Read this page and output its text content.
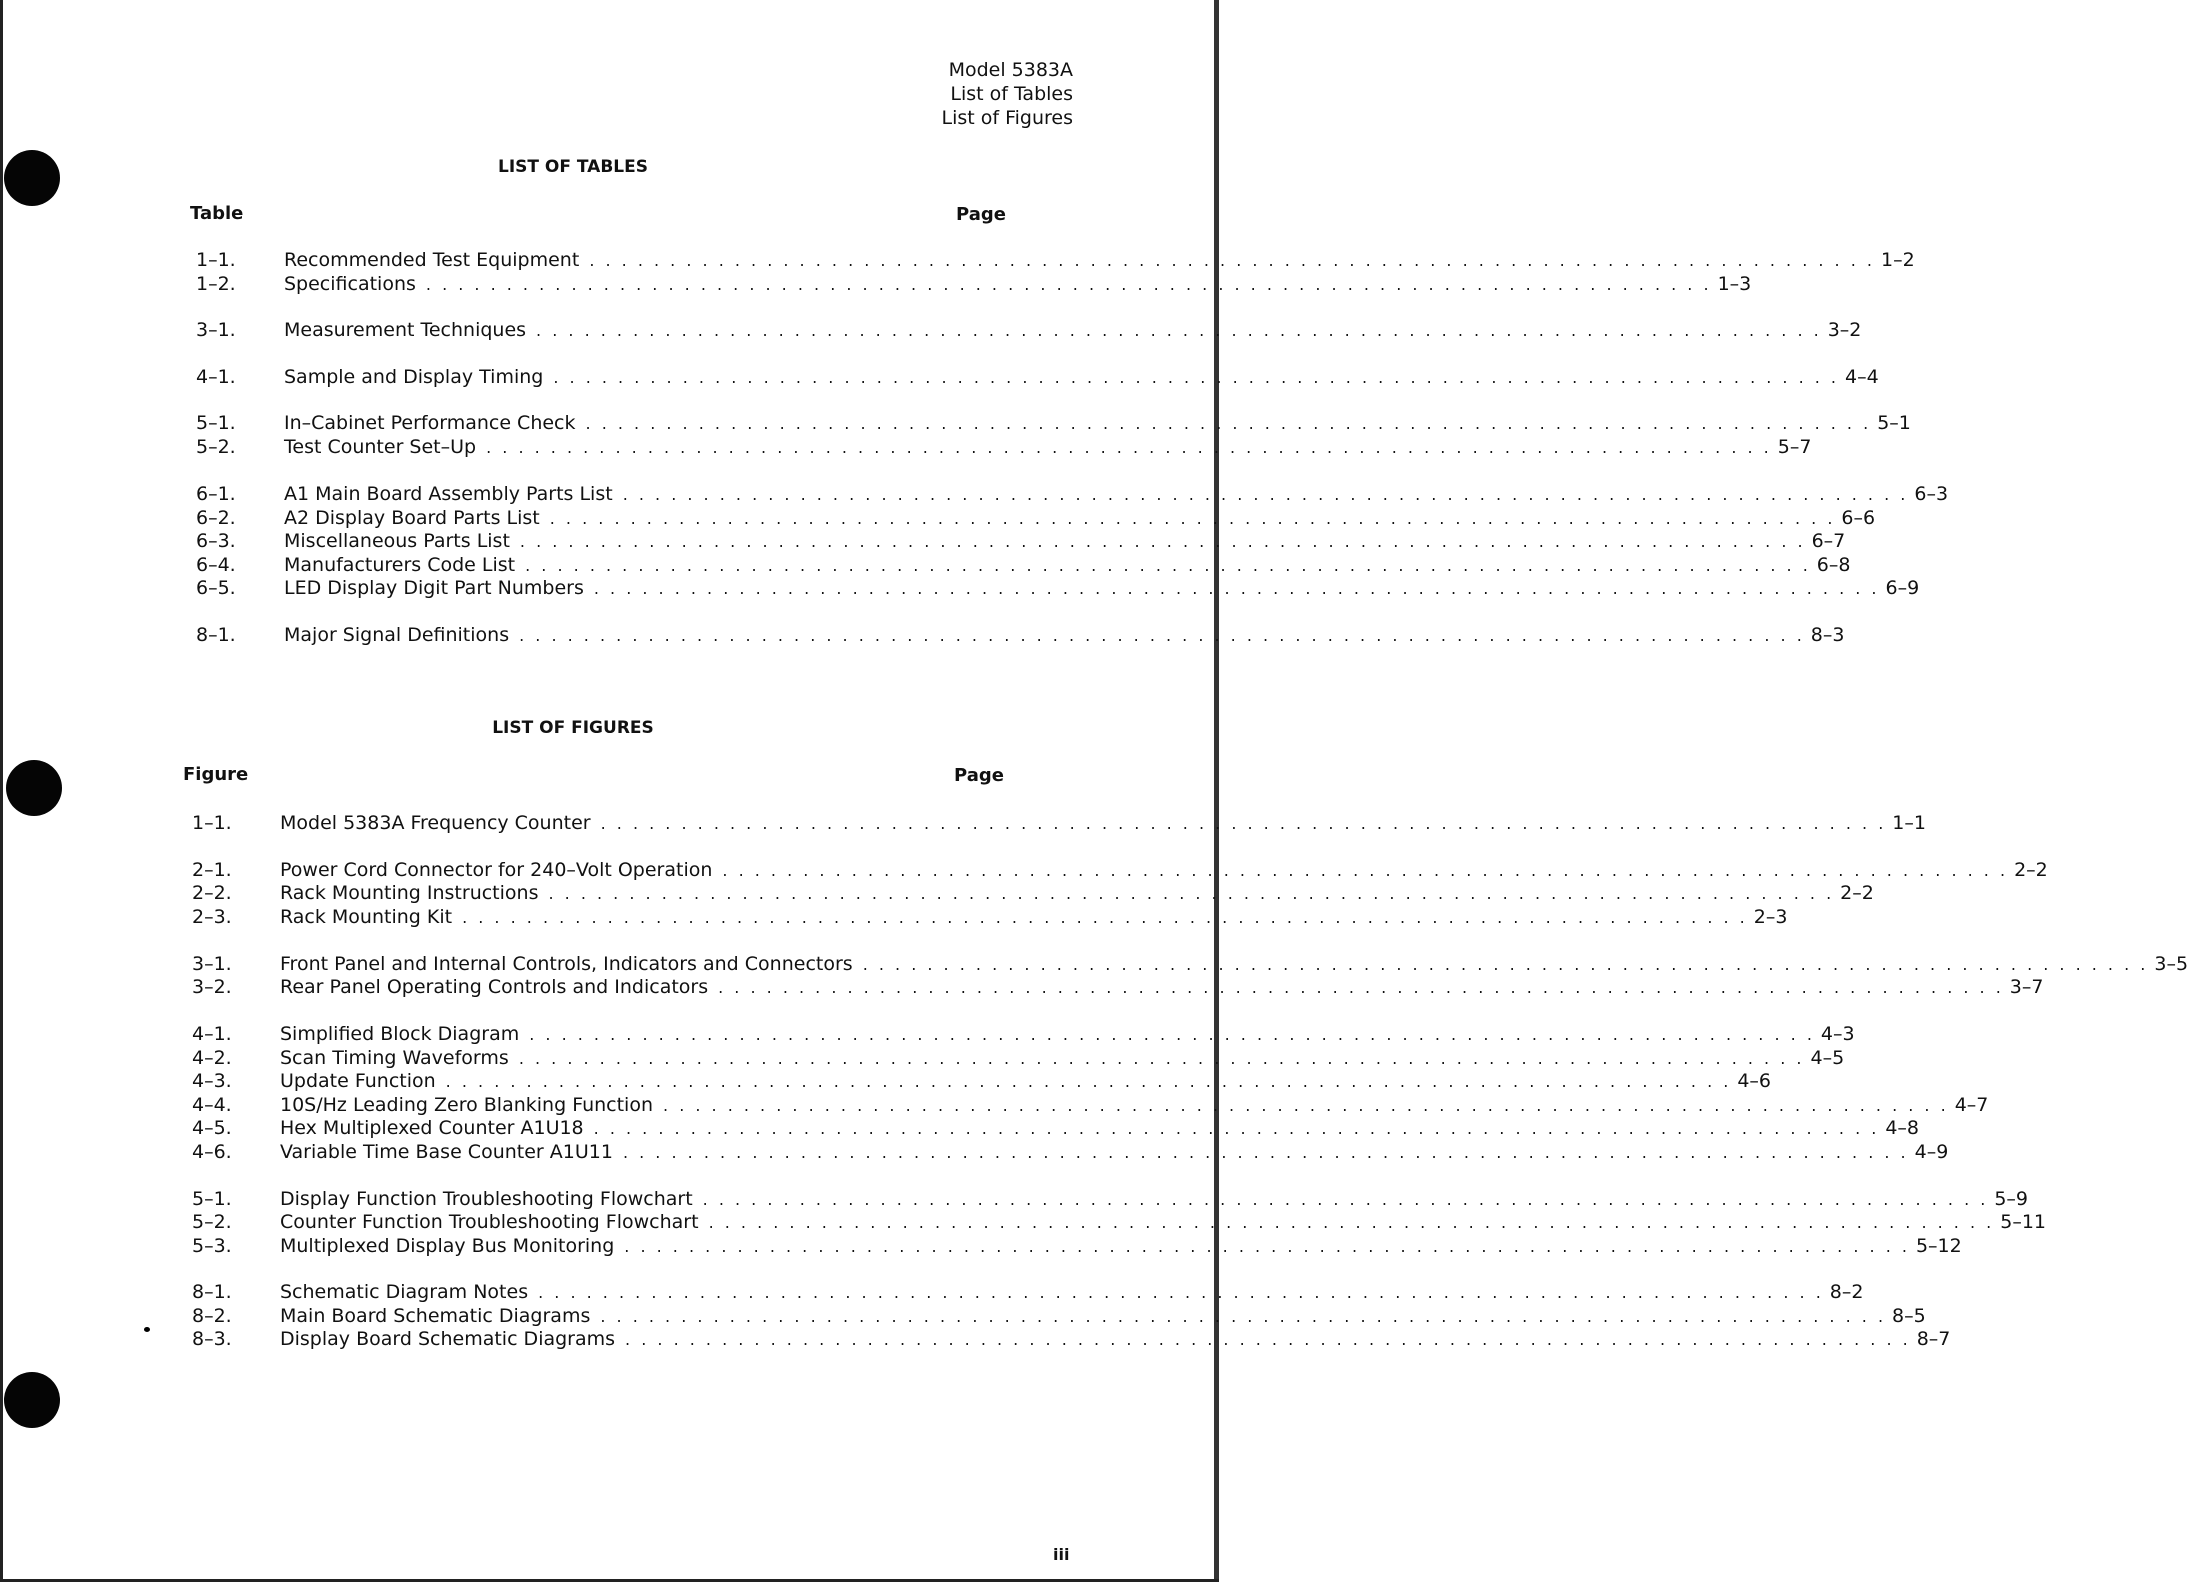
Model 5383A
List of Tables
List of Figures
LIST OF TABLES
Table	Page
1–1.	Recommended Test Equipment . . . . . . . . . . . . . . . . . . . . . . . . . . . . . . . . . . . . . . . . . . . . . . . . . . . . . . . . . . . . . . . . . . . . . . . . . . . . . . . . 1–2
1–2.	Specifications . . . . . . . . . . . . . . . . . . . . . . . . . . . . . . . . . . . . . . . . . . . . . . . . . . . . . . . . . . . . . . . . . . . . . . . . . . . . . . . . 1–3
3–1.	Measurement Techniques . . . . . . . . . . . . . . . . . . . . . . . . . . . . . . . . . . . . . . . . . . . . . . . . . . . . . . . . . . . . . . . . . . . . . . . . . . . . . . . . 3–2
4–1.	Sample and Display Timing . . . . . . . . . . . . . . . . . . . . . . . . . . . . . . . . . . . . . . . . . . . . . . . . . . . . . . . . . . . . . . . . . . . . . . . . . . . . . . . . 4–4
5–1.	In–Cabinet Performance Check . . . . . . . . . . . . . . . . . . . . . . . . . . . . . . . . . . . . . . . . . . . . . . . . . . . . . . . . . . . . . . . . . . . . . . . . . . . . . . . . 5–1
5–2.	Test Counter Set–Up . . . . . . . . . . . . . . . . . . . . . . . . . . . . . . . . . . . . . . . . . . . . . . . . . . . . . . . . . . . . . . . . . . . . . . . . . . . . . . . . 5–7
6–1.	A1 Main Board Assembly Parts List . . . . . . . . . . . . . . . . . . . . . . . . . . . . . . . . . . . . . . . . . . . . . . . . . . . . . . . . . . . . . . . . . . . . . . . . . . . . . . . . 6–3
6–2.	A2 Display Board Parts List . . . . . . . . . . . . . . . . . . . . . . . . . . . . . . . . . . . . . . . . . . . . . . . . . . . . . . . . . . . . . . . . . . . . . . . . . . . . . . . . 6–6
6–3.	Miscellaneous Parts List . . . . . . . . . . . . . . . . . . . . . . . . . . . . . . . . . . . . . . . . . . . . . . . . . . . . . . . . . . . . . . . . . . . . . . . . . . . . . . . . 6–7
6–4.	Manufacturers Code List . . . . . . . . . . . . . . . . . . . . . . . . . . . . . . . . . . . . . . . . . . . . . . . . . . . . . . . . . . . . . . . . . . . . . . . . . . . . . . . . 6–8
6–5.	LED Display Digit Part Numbers . . . . . . . . . . . . . . . . . . . . . . . . . . . . . . . . . . . . . . . . . . . . . . . . . . . . . . . . . . . . . . . . . . . . . . . . . . . . . . . . 6–9
8–1.	Major Signal Definitions . . . . . . . . . . . . . . . . . . . . . . . . . . . . . . . . . . . . . . . . . . . . . . . . . . . . . . . . . . . . . . . . . . . . . . . . . . . . . . . . 8–3
LIST OF FIGURES
Figure	Page
1–1.	Model 5383A Frequency Counter . . . . . . . . . . . . . . . . . . . . . . . . . . . . . . . . . . . . . . . . . . . . . . . . . . . . . . . . . . . . . . . . . . . . . . . . . . . . . . . . 1–1
2–1.	Power Cord Connector for 240–Volt Operation . . . . . . . . . . . . . . . . . . . . . . . . . . . . . . . . . . . . . . . . . . . . . . . . . . . . . . . . . . . . . . . . . . . . . . . . . . . . . . . . 2–2
2–2.	Rack Mounting Instructions . . . . . . . . . . . . . . . . . . . . . . . . . . . . . . . . . . . . . . . . . . . . . . . . . . . . . . . . . . . . . . . . . . . . . . . . . . . . . . . . 2–2
2–3.	Rack Mounting Kit . . . . . . . . . . . . . . . . . . . . . . . . . . . . . . . . . . . . . . . . . . . . . . . . . . . . . . . . . . . . . . . . . . . . . . . . . . . . . . . . 2–3
3–1.	Front Panel and Internal Controls, Indicators and Connectors . . . . . . . . . . . . . . . . . . . . . . . . . . . . . . . . . . . . . . . . . . . . . . . . . . . . . . . . . . . . . . . . . . . . . . . . . . . . . . . . 3–5
3–2.	Rear Panel Operating Controls and Indicators . . . . . . . . . . . . . . . . . . . . . . . . . . . . . . . . . . . . . . . . . . . . . . . . . . . . . . . . . . . . . . . . . . . . . . . . . . . . . . . . 3–7
4–1.	Simplified Block Diagram . . . . . . . . . . . . . . . . . . . . . . . . . . . . . . . . . . . . . . . . . . . . . . . . . . . . . . . . . . . . . . . . . . . . . . . . . . . . . . . . 4–3
4–2.	Scan Timing Waveforms . . . . . . . . . . . . . . . . . . . . . . . . . . . . . . . . . . . . . . . . . . . . . . . . . . . . . . . . . . . . . . . . . . . . . . . . . . . . . . . . 4–5
4–3.	Update Function . . . . . . . . . . . . . . . . . . . . . . . . . . . . . . . . . . . . . . . . . . . . . . . . . . . . . . . . . . . . . . . . . . . . . . . . . . . . . . . . 4–6
4–4.	10S/Hz Leading Zero Blanking Function . . . . . . . . . . . . . . . . . . . . . . . . . . . . . . . . . . . . . . . . . . . . . . . . . . . . . . . . . . . . . . . . . . . . . . . . . . . . . . . . 4–7
4–5.	Hex Multiplexed Counter A1U18 . . . . . . . . . . . . . . . . . . . . . . . . . . . . . . . . . . . . . . . . . . . . . . . . . . . . . . . . . . . . . . . . . . . . . . . . . . . . . . . . 4–8
4–6.	Variable Time Base Counter A1U11 . . . . . . . . . . . . . . . . . . . . . . . . . . . . . . . . . . . . . . . . . . . . . . . . . . . . . . . . . . . . . . . . . . . . . . . . . . . . . . . . 4–9
5–1.	Display Function Troubleshooting Flowchart . . . . . . . . . . . . . . . . . . . . . . . . . . . . . . . . . . . . . . . . . . . . . . . . . . . . . . . . . . . . . . . . . . . . . . . . . . . . . . . . 5–9
5–2.	Counter Function Troubleshooting Flowchart . . . . . . . . . . . . . . . . . . . . . . . . . . . . . . . . . . . . . . . . . . . . . . . . . . . . . . . . . . . . . . . . . . . . . . . . . . . . . . . . 5–11
5–3.	Multiplexed Display Bus Monitoring . . . . . . . . . . . . . . . . . . . . . . . . . . . . . . . . . . . . . . . . . . . . . . . . . . . . . . . . . . . . . . . . . . . . . . . . . . . . . . . . 5–12
8–1.	Schematic Diagram Notes . . . . . . . . . . . . . . . . . . . . . . . . . . . . . . . . . . . . . . . . . . . . . . . . . . . . . . . . . . . . . . . . . . . . . . . . . . . . . . . . 8–2
8–2.	Main Board Schematic Diagrams . . . . . . . . . . . . . . . . . . . . . . . . . . . . . . . . . . . . . . . . . . . . . . . . . . . . . . . . . . . . . . . . . . . . . . . . . . . . . . . . 8–5
8–3.	Display Board Schematic Diagrams . . . . . . . . . . . . . . . . . . . . . . . . . . . . . . . . . . . . . . . . . . . . . . . . . . . . . . . . . . . . . . . . . . . . . . . . . . . . . . . . 8–7
iii
